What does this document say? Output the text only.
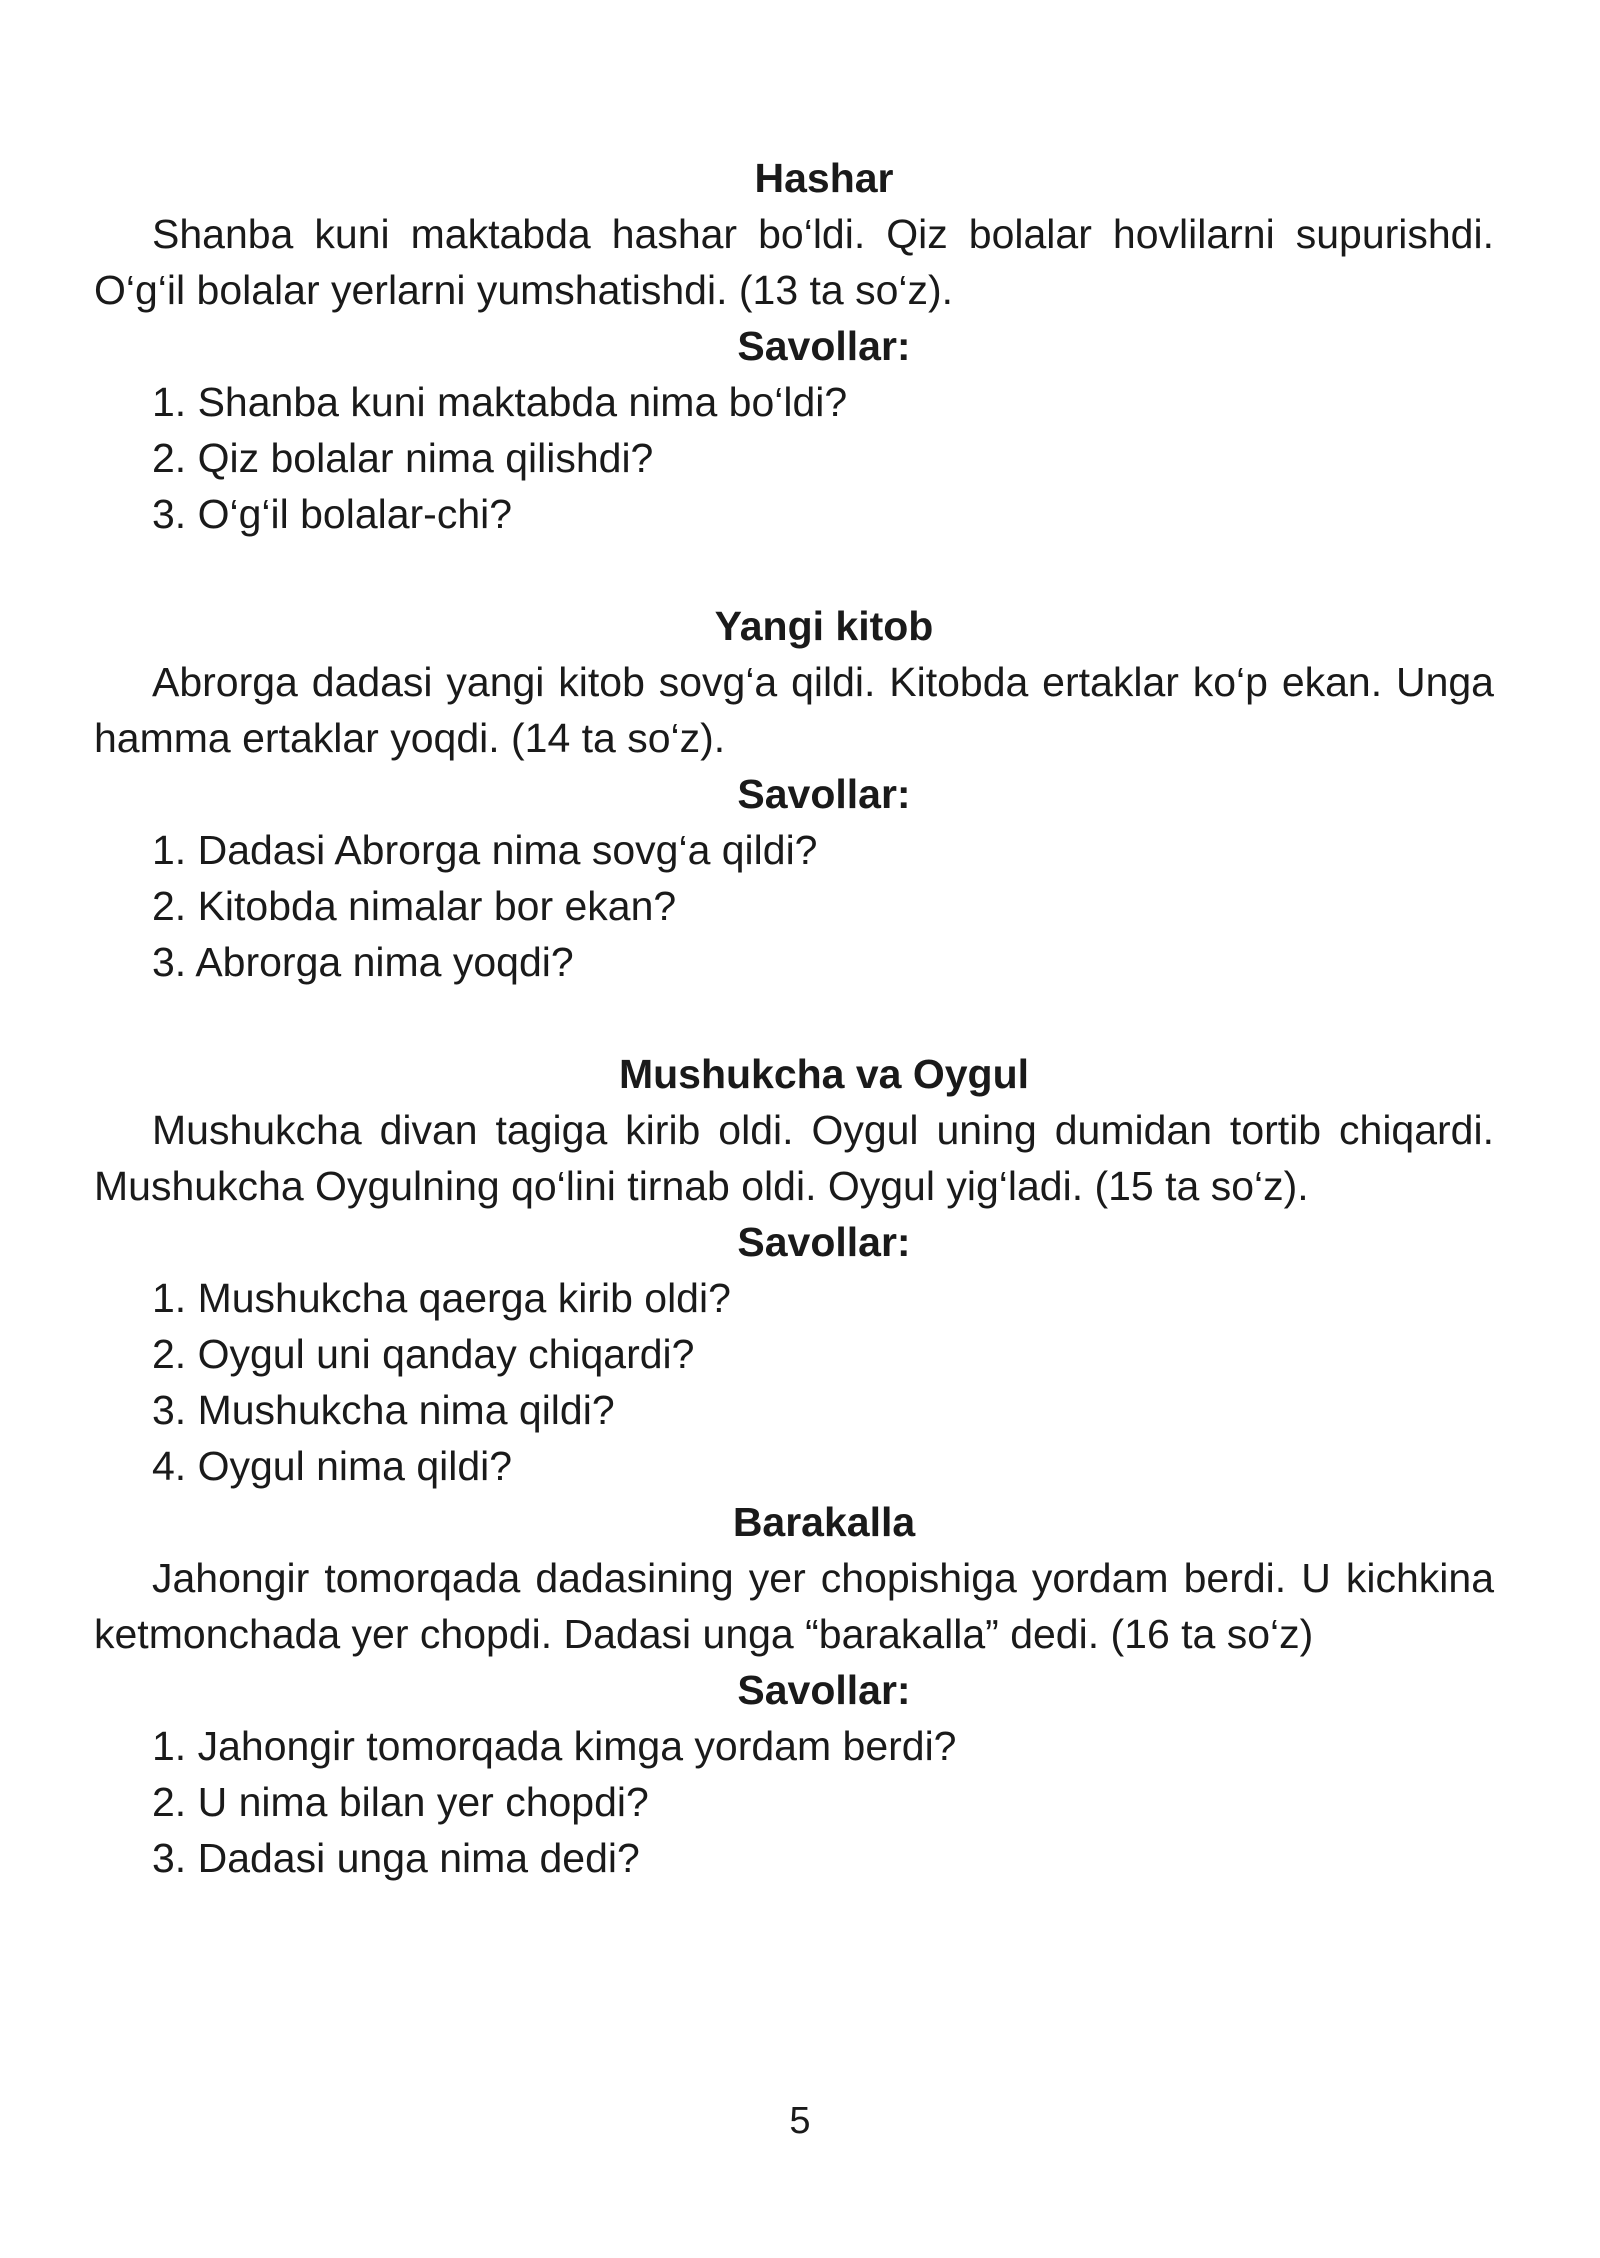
Hashar

Shanba kuni maktabda hashar bo‘ldi. Qiz bolalar hovlilarni supurishdi. O‘g‘il bolalar yerlarni yumshatishdi. (13 ta so‘z).

Savollar:
1. Shanba kuni maktabda nima bo‘ldi?
2. Qiz bolalar nima qilishdi?
3. O‘g‘il bolalar-chi?
Yangi kitob

Abrorga dadasi yangi kitob sovg‘a qildi. Kitobda ertaklar ko‘p ekan. Unga hamma ertaklar yoqdi. (14 ta so‘z).

Savollar:
1. Dadasi Abrorga nima sovg‘a qildi?
2. Kitobda nimalar bor ekan?
3. Abrorga nima yoqdi?
Mushukcha va Oygul

Mushukcha divan tagiga kirib oldi. Oygul uning dumidan tortib chiqardi. Mushukcha Oygulning qo‘lini tirnab oldi. Oygul yig‘ladi. (15 ta so‘z).

Savollar:
1. Mushukcha qaerga kirib oldi?
2. Oygul uni qanday chiqardi?
3. Mushukcha nima qildi?
4. Oygul nima qildi?
Barakalla

Jahongir tomorqada dadasining yer chopishiga yordam berdi. U kichkina ketmonchada yer chopdi. Dadasi unga “barakalla” dedi. (16 ta so‘z)

Savollar:
1. Jahongir tomorqada kimga yordam berdi?
2. U nima bilan yer chopdi?
3. Dadasi unga nima dedi?
5
